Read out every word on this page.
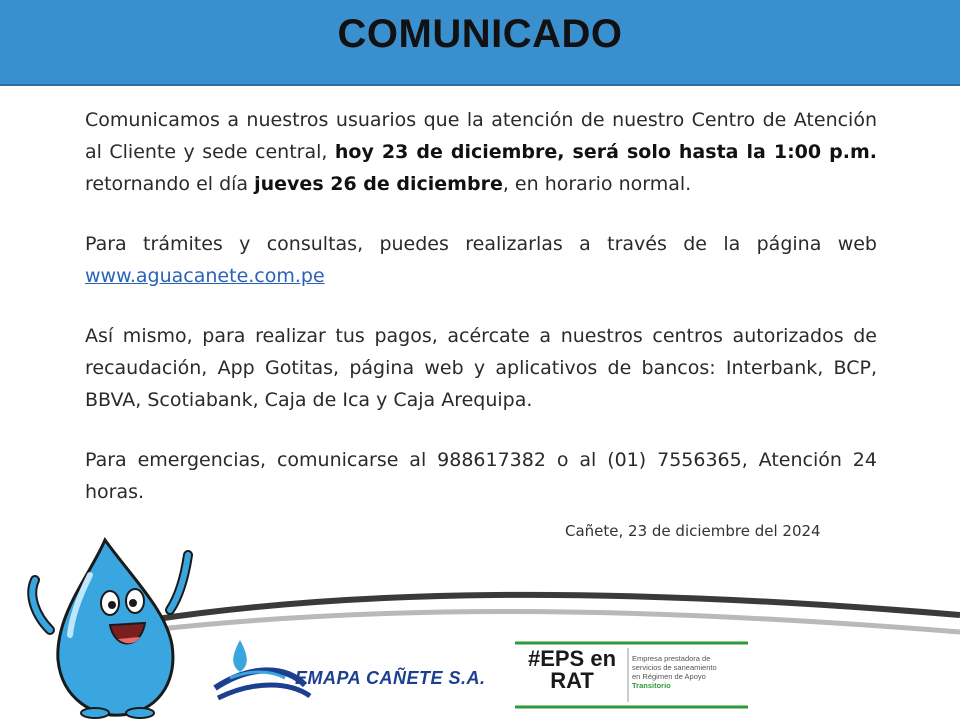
COMUNICADO

Comunicamos a nuestros usuarios que la atención de nuestro Centro de Atención al Cliente y sede central, hoy 23 de diciembre, será solo hasta la 1:00 p.m. retornando el día jueves 26 de diciembre, en horario normal.

Para trámites y consultas, puedes realizarlas a través de la página web www.aguacanete.com.pe

Así mismo, para realizar tus pagos, acércate a nuestros centros autorizados de recaudación, App Gotitas, página web y aplicativos de bancos: Interbank, BCP, BBVA, Scotiabank, Caja de Ica y Caja Arequipa.

Para emergencias, comunicarse al 988617382 o al (01) 7556365, Atención 24 horas.

Cañete, 23 de diciembre del 2024
EMAPA CAÑETE S.A.
#EPS en
RAT
Empresa prestadora de
servicios de saneamiento
en Régimen de Apoyo
Transitorio
